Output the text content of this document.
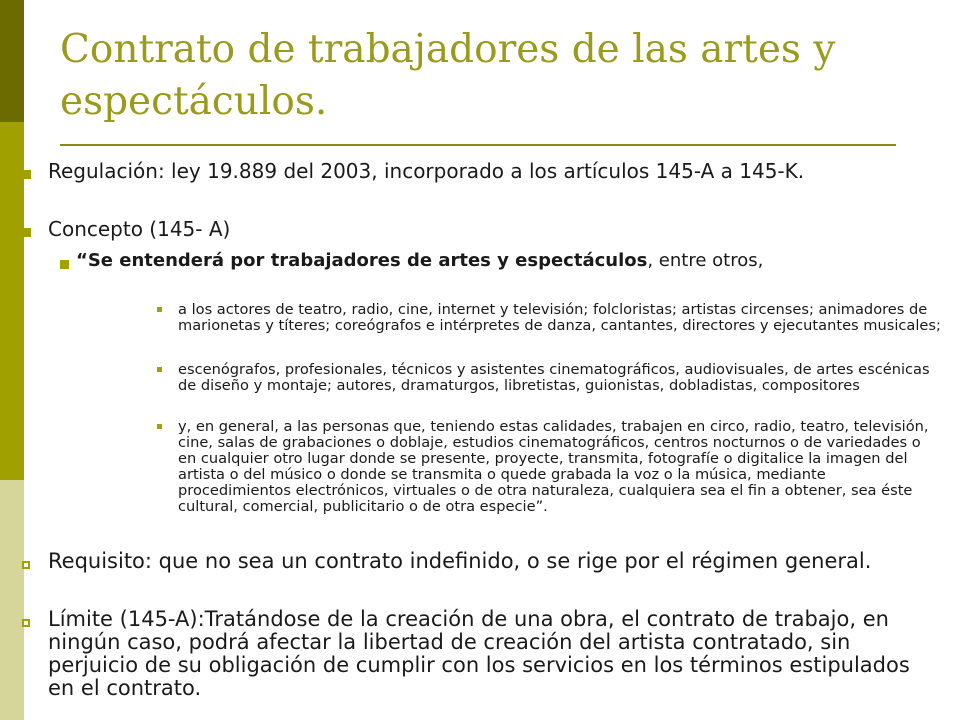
Contrato de trabajadores de las artes y espectáculos.
Regulación: ley 19.889 del 2003, incorporado a los artículos 145-A a 145-K.
Concepto (145- A)
“Se entenderá por trabajadores de artes y espectáculos, entre otros,
a los actores de teatro, radio, cine, internet y televisión; folcloristas; artistas circenses; animadores de marionetas y títeres; coreógrafos e intérpretes de danza, cantantes, directores y ejecutantes musicales;
escenógrafos, profesionales, técnicos y asistentes cinematográficos, audiovisuales, de artes escénicas de diseño y montaje; autores, dramaturgos, libretistas, guionistas, dobladistas, compositores
y, en general, a las personas que, teniendo estas calidades, trabajen en circo, radio, teatro, televisión, cine, salas de grabaciones o doblaje, estudios cinematográficos, centros nocturnos o de variedades o en cualquier otro lugar donde se presente, proyecte, transmita, fotografíe o digitalice la imagen del artista o del músico o donde se transmita o quede grabada la voz o la música, mediante procedimientos electrónicos, virtuales o de otra naturaleza, cualquiera sea el fin a obtener, sea éste cultural, comercial, publicitario o de otra especie”.
Requisito: que no sea un contrato indefinido, o se rige por el régimen general.
Límite (145-A):Tratándose de la creación de una obra, el contrato de trabajo, en ningún caso, podrá afectar la libertad de creación del artista contratado, sin perjuicio de su obligación de cumplir con los servicios en los términos estipulados en el contrato.
